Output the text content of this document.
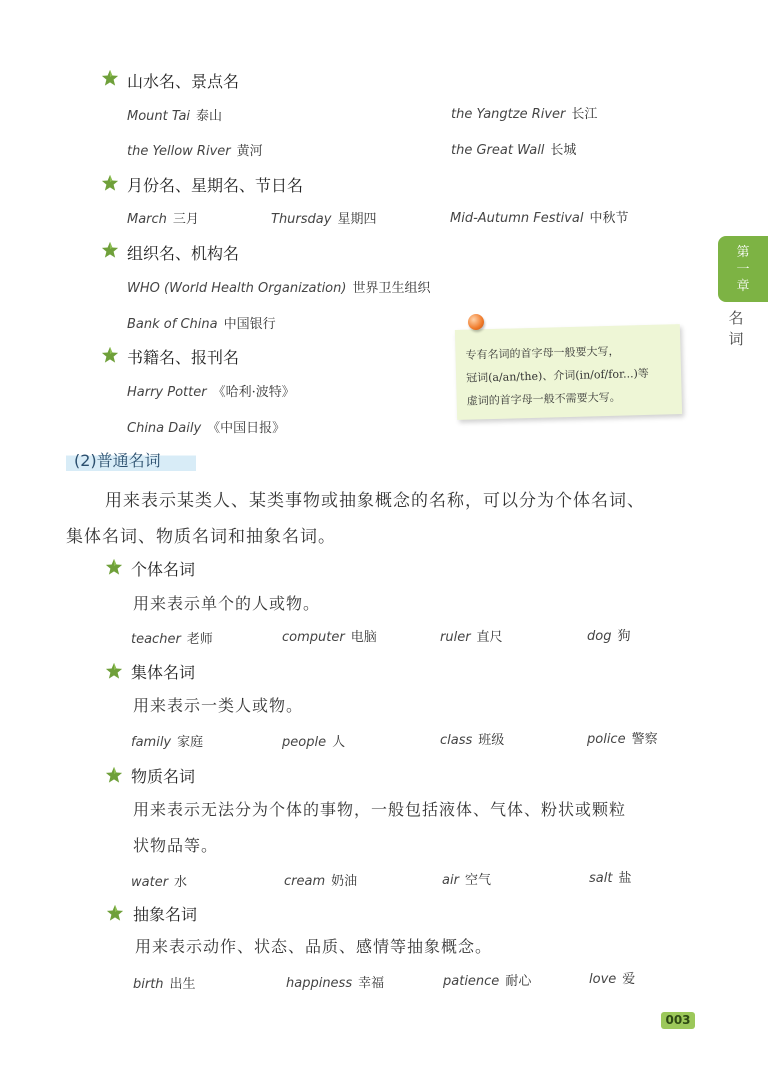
山水名、景点名
Mount Tai 泰山	the Yangtze River 长江
the Yellow River 黄河	the Great Wall 长城
月份名、星期名、节日名
March 三月	Thursday 星期四	Mid-Autumn Festival 中秋节
组织名、机构名
WHO (World Health Organization) 世界卫生组织
Bank of China 中国银行
书籍名、报刊名
Harry Potter 《哈利·波特》
China Daily 《中国日报》

专有名词的首字母一般要大写，

冠词(a/an/the)、介词(in/of/for...)等

虚词的首字母一般不需要大写。

第
一
章
名
词
(2)普通名词
用来表示某类人、某类事物或抽象概念的名称，可以分为个体名词、
集体名词、物质名词和抽象名词。
个体名词
用来表示单个的人或物。
teacher 老师	computer 电脑	ruler 直尺	dog 狗
集体名词
用来表示一类人或物。
family 家庭	people 人	class 班级	police 警察
物质名词
用来表示无法分为个体的事物，一般包括液体、气体、粉状或颗粒
状物品等。
water 水	cream 奶油	air 空气	salt 盐
抽象名词
用来表示动作、状态、品质、感情等抽象概念。
birth 出生	happiness 幸福	patience 耐心	love 爱
003
